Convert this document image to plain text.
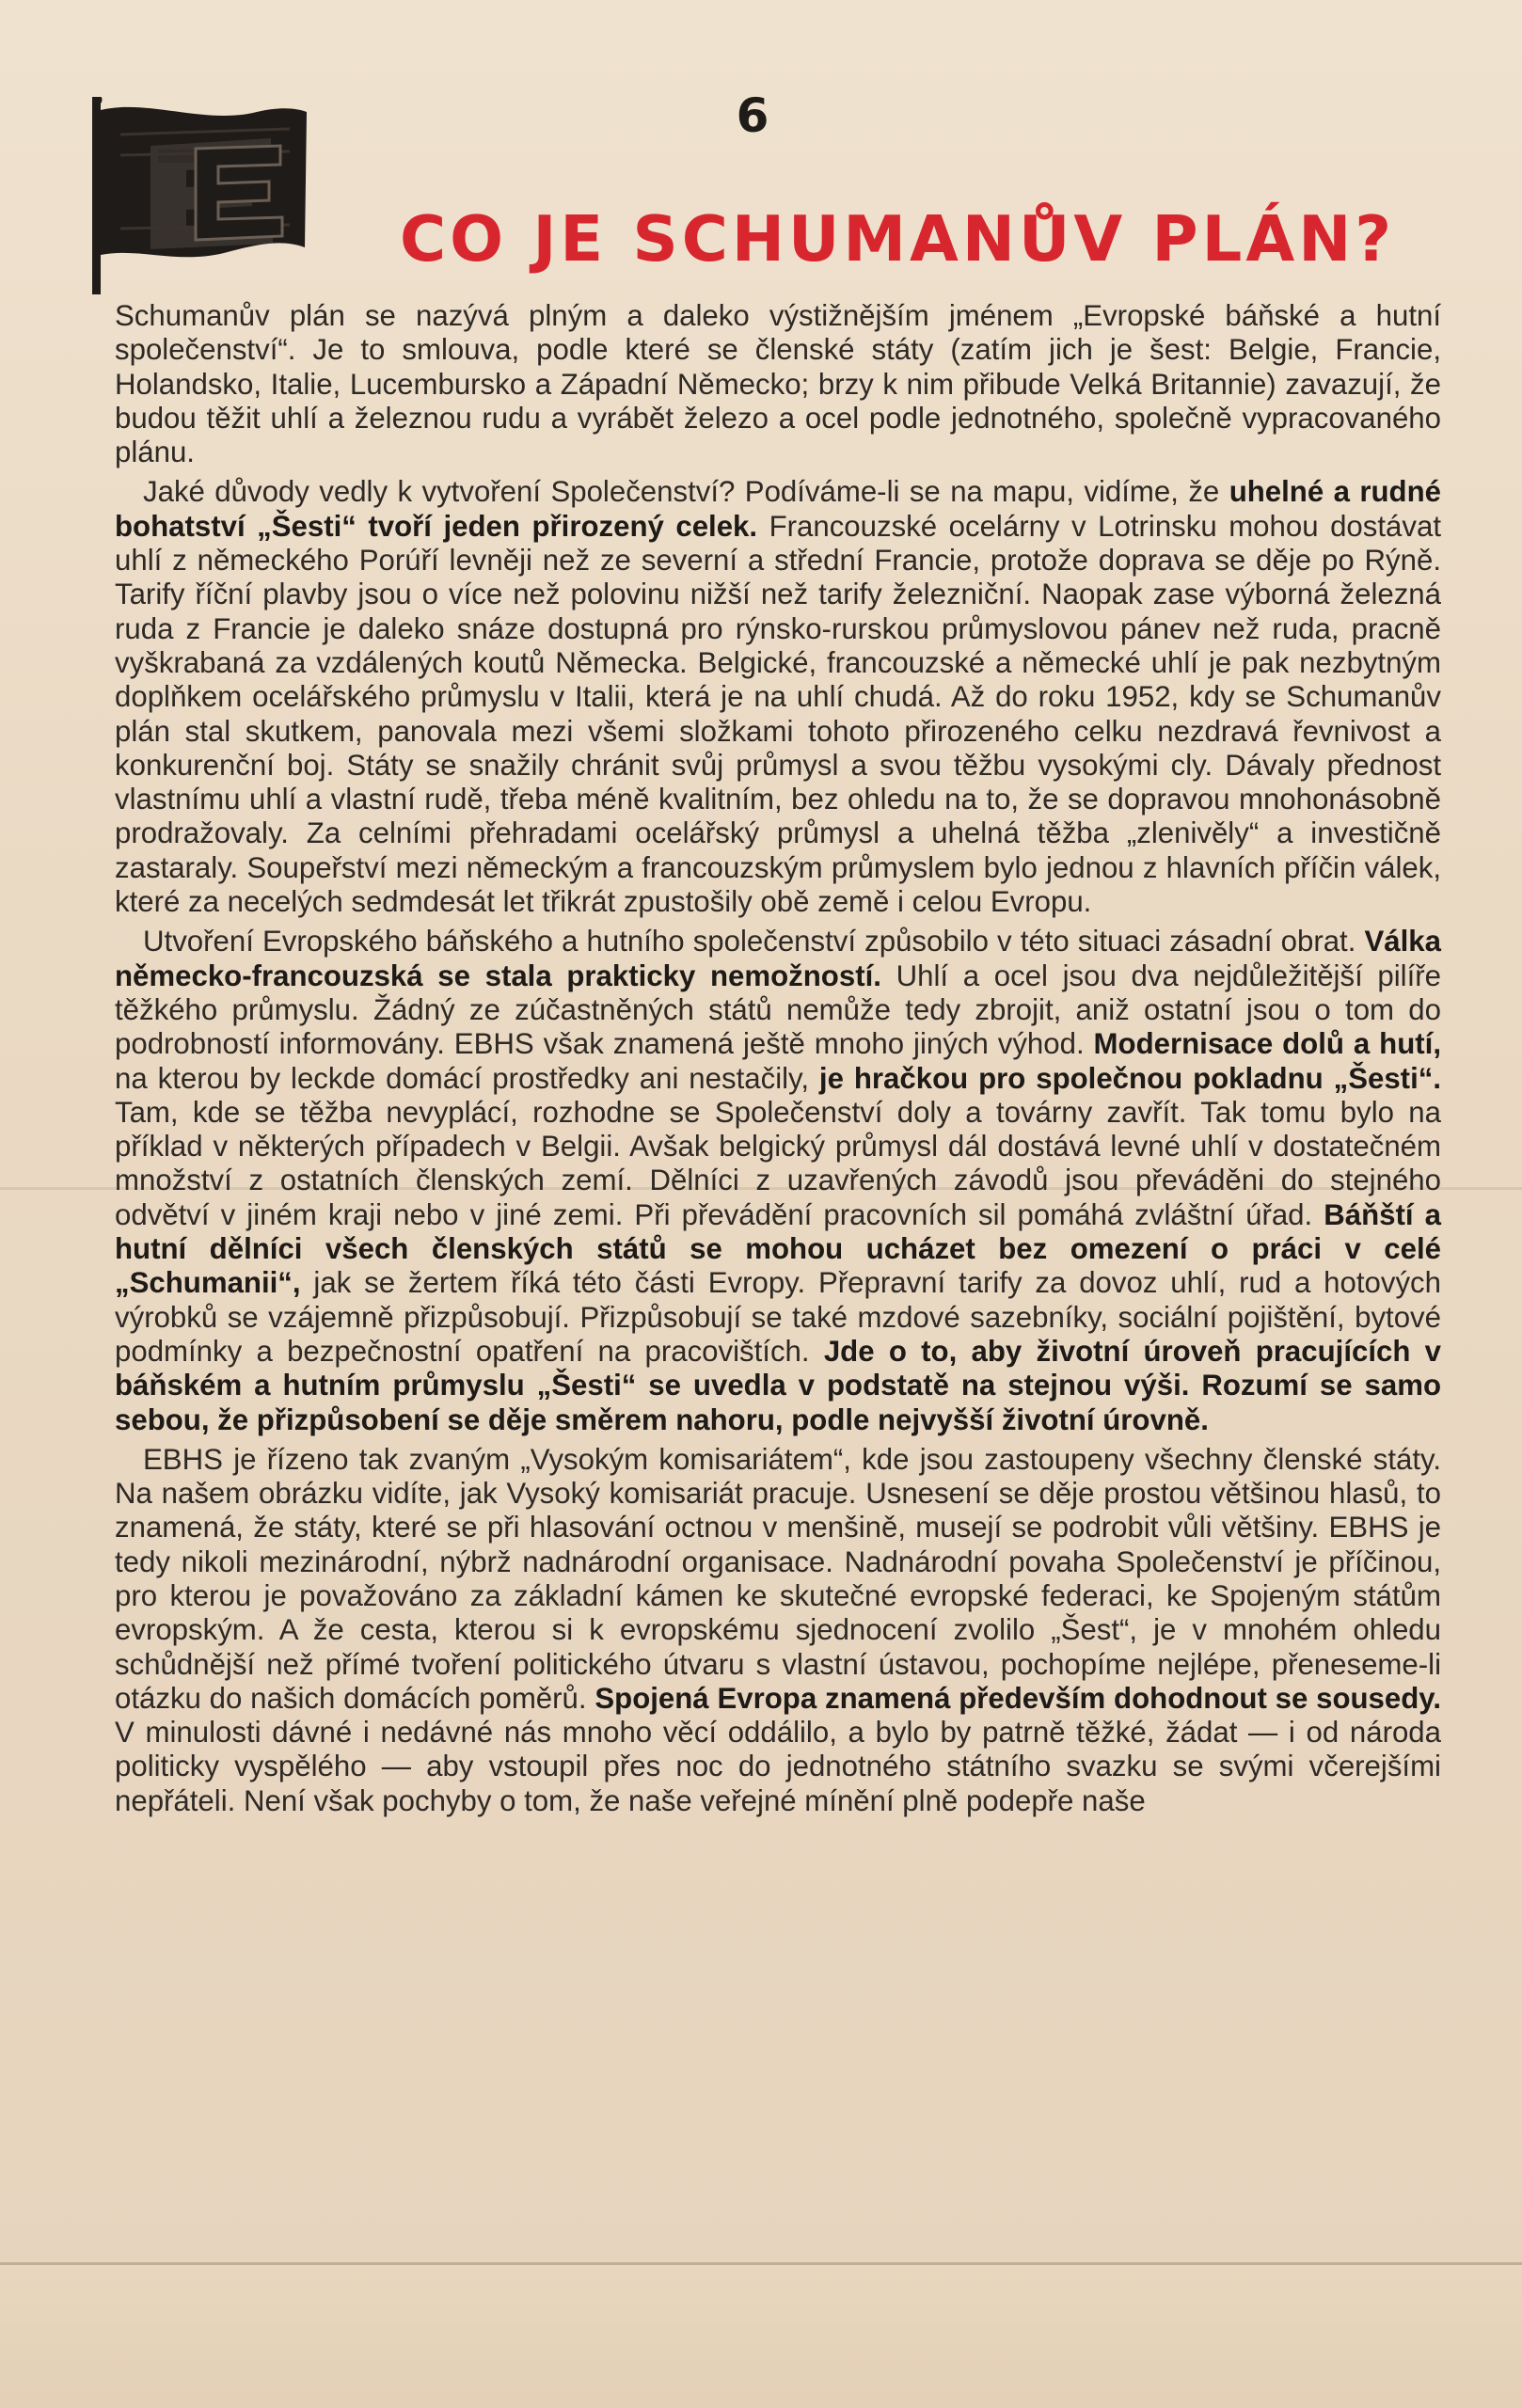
6
CO JE SCHUMANŮV PLÁN?

Schumanův plán se nazývá plným a daleko výstižnějším jménem „Evropské báňské a hutní společenství“. Je to smlouva, podle které se členské státy (zatím jich je šest: Belgie, Francie, Holandsko, Italie, Lucembursko a Západní Německo; brzy k nim přibude Velká Britannie) zavazují, že budou těžit uhlí a železnou rudu a vyrábět železo a ocel podle jednotného, společně vypracovaného plánu.

Jaké důvody vedly k vytvoření Společenství? Podíváme-li se na mapu, vidíme, že uhelné a rudné bohatství „Šesti“ tvoří jeden přirozený celek. Francouzské ocelárny v Lotrinsku mohou dostávat uhlí z německého Porúří levněji než ze severní a střední Francie, protože doprava se děje po Rýně. Tarify říční plavby jsou o více než polovinu nižší než tarify železniční. Naopak zase výborná železná ruda z Francie je daleko snáze dostupná pro rýnsko-rurskou průmyslovou pánev než ruda, pracně vyškrabaná za vzdálených koutů Německa. Belgické, francouzské a německé uhlí je pak nezbytným doplňkem ocelářského průmyslu v Italii, která je na uhlí chudá. Až do roku 1952, kdy se Schumanův plán stal skutkem, panovala mezi všemi složkami tohoto přirozeného celku nezdravá řevnivost a konkurenční boj. Státy se snažily chránit svůj průmysl a svou těžbu vysokými cly. Dávaly přednost vlastnímu uhlí a vlastní rudě, třeba méně kvalitním, bez ohledu na to, že se dopravou mnohonásobně prodražovaly. Za celními přehradami ocelářský průmysl a uhelná těžba „zlenivěly“ a investičně zastaraly. Soupeřství mezi německým a francouzským průmyslem bylo jednou z hlavních příčin válek, které za necelých sedmdesát let třikrát zpustošily obě země i celou Evropu.

Utvoření Evropského báňského a hutního společenství způsobilo v této situaci zásadní obrat. Válka německo-francouzská se stala prakticky nemožností. Uhlí a ocel jsou dva nejdůležitější pilíře těžkého průmyslu. Žádný ze zúčastněných států nemůže tedy zbrojit, aniž ostatní jsou o tom do podrobností informovány. EBHS však znamená ještě mnoho jiných výhod. Modernisace dolů a hutí, na kterou by leckde domácí prostředky ani nestačily, je hračkou pro společnou pokladnu „Šesti“. Tam, kde se těžba nevyplácí, rozhodne se Společenství doly a továrny zavřít. Tak tomu bylo na příklad v některých případech v Belgii. Avšak belgický průmysl dál dostává levné uhlí v dostatečném množství z ostatních členských zemí. Dělníci z uzavřených závodů jsou převáděni do stejného odvětví v jiném kraji nebo v jiné zemi. Při převádění pracovních sil pomáhá zvláštní úřad. Báňští a hutní dělníci všech členských států se mohou ucházet bez omezení o práci v celé „Schumanii“, jak se žertem říká této části Evropy. Přepravní tarify za dovoz uhlí, rud a hotových výrobků se vzájemně přizpůsobují. Přizpůsobují se také mzdové sazebníky, sociální pojištění, bytové podmínky a bezpečnostní opatření na pracovištích. Jde o to, aby životní úroveň pracujících v báňském a hutním průmyslu „Šesti“ se uvedla v podstatě na stejnou výši. Rozumí se samo sebou, že přizpůsobení se děje směrem nahoru, podle nejvyšší životní úrovně.

EBHS je řízeno tak zvaným „Vysokým komisariátem“, kde jsou zastoupeny všechny členské státy. Na našem obrázku vidíte, jak Vysoký komisariát pracuje. Usnesení se děje prostou většinou hlasů, to znamená, že státy, které se při hlasování octnou v menšině, musejí se podrobit vůli většiny. EBHS je tedy nikoli mezinárodní, nýbrž nadnárodní organisace. Nadnárodní povaha Společenství je příčinou, pro kterou je považováno za základní kámen ke skutečné evropské federaci, ke Spojeným státům evropským. A že cesta, kterou si k evropskému sjednocení zvolilo „Šest“, je v mnohém ohledu schůdnější než přímé tvoření politického útvaru s vlastní ústavou, pochopíme nejlépe, přeneseme-li otázku do našich domácích poměrů. Spojená Evropa znamená především dohodnout se sousedy. V minulosti dávné i nedávné nás mnoho věcí oddálilo, a bylo by patrně těžké, žádat — i od národa politicky vyspělého — aby vstoupil přes noc do jednotného státního svazku se svými včerejšími nepřáteli. Není však pochyby o tom, že naše veřejné mínění plně podepře naše
